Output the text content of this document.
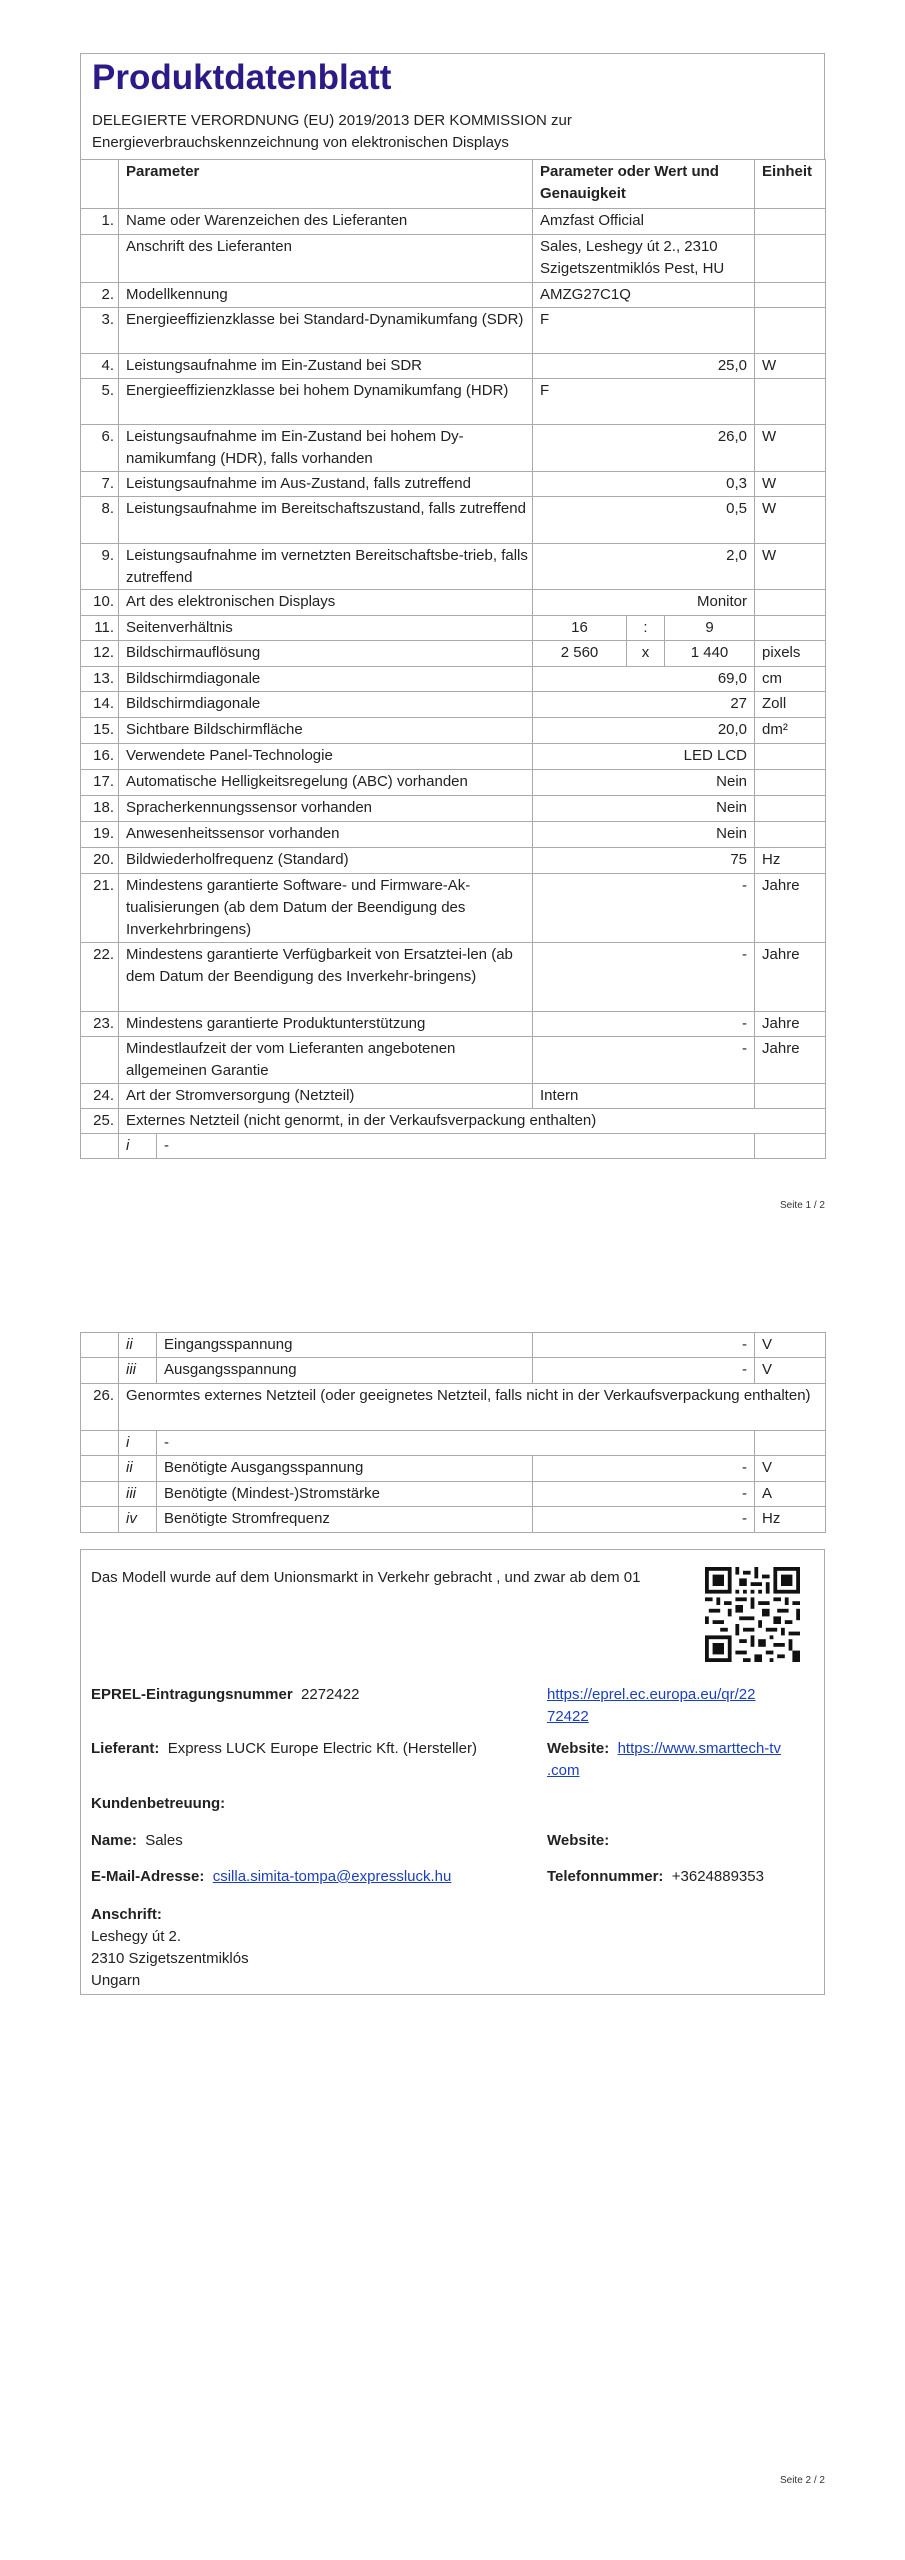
Produktdatenblatt
DELEGIERTE VERORDNUNG (EU) 2019/2013 DER KOMMISSION zur Energieverbrauchskennzeichnung von elektronischen Displays
	Parameter		Parameter oder Wert und Genauigkeit			Einheit
1.	Name oder Warenzeichen des Lieferanten		Amzfast Official			
	Anschrift des Lieferanten		Sales, Leshegy út 2., 2310 Szigetszentmiklós Pest, HU			
2.	Modellkennung		AMZG27C1Q			
3.	Energieeffizienzklasse bei Standard-Dynamikumfang (SDR)		F			
4.	Leistungsaufnahme im Ein-Zustand bei SDR		25,0			W
5.	Energieeffizienzklasse bei hohem Dynamikumfang (HDR)		F			
6.	Leistungsaufnahme im Ein-Zustand bei hohem Dy-namikumfang (HDR), falls vorhanden		26,0			W
7.	Leistungsaufnahme im Aus-Zustand, falls zutreffend		0,3			W
8.	Leistungsaufnahme im Bereitschaftszustand, falls zutreffend		0,5			W
9.	Leistungsaufnahme im vernetzten Bereitschaftsbe-trieb, falls zutreffend		2,0			W
10.	Art des elektronischen Displays		Monitor			
11.	Seitenverhältnis		16	:	9	
12.	Bildschirmauflösung		2 560	x	1 440	pixels
13.	Bildschirmdiagonale		69,0			cm
14.	Bildschirmdiagonale		27			Zoll
15.	Sichtbare Bildschirmfläche		20,0			dm²
16.	Verwendete Panel-Technologie		LED LCD			
17.	Automatische Helligkeitsregelung (ABC) vorhanden		Nein			
18.	Spracherkennungssensor vorhanden		Nein			
19.	Anwesenheitssensor vorhanden		Nein			
20.	Bildwiederholfrequenz (Standard)		75			Hz
21.	Mindestens garantierte Software- und Firmware-Ak-tualisierungen (ab dem Datum der Beendigung des Inverkehrbringens)		-			Jahre
22.	Mindestens garantierte Verfügbarkeit von Ersatztei-len (ab dem Datum der Beendigung des Inverkehr-bringens)		-			Jahre
23.	Mindestens garantierte Produktunterstützung		-			Jahre
	Mindestlaufzeit der vom Lieferanten angebotenen allgemeinen Garantie		-			Jahre
24.	Art der Stromversorgung (Netzteil)		Intern			
25.	Externes Netzteil (nicht genormt, in der Verkaufsverpackung enthalten)					
	i	-				
Seite 1 / 2
	ii	Eingangsspannung	-	V
	iii	Ausgangsspannung	-	V
26.	Genormtes externes Netzteil (oder geeignetes Netzteil, falls nicht in der Verkaufsverpackung enthalten)			
	i	-		
	ii	Benötigte Ausgangsspannung	-	V
	iii	Benötigte (Mindest-)Stromstärke	-	A
	iv	Benötigte Stromfrequenz	-	Hz
Das Modell wurde auf dem Unionsmarkt in Verkehr gebracht , und zwar ab dem 01
EPREL-Eintragungsnummer 2272422	https://eprel.ec.europa.eu/qr/22
72422
Lieferant: Express LUCK Europe Electric Kft. (Hersteller)	Website: https://www.smarttech-tv
.com
Kundenbetreuung:
Name: Sales	Website:
E-Mail-Adresse: csilla.simita-tompa@expressluck.hu	Telefonnummer: +3624889353
Anschrift:
Leshegy út 2.
2310 Szigetszentmiklós
Ungarn
Seite 2 / 2
